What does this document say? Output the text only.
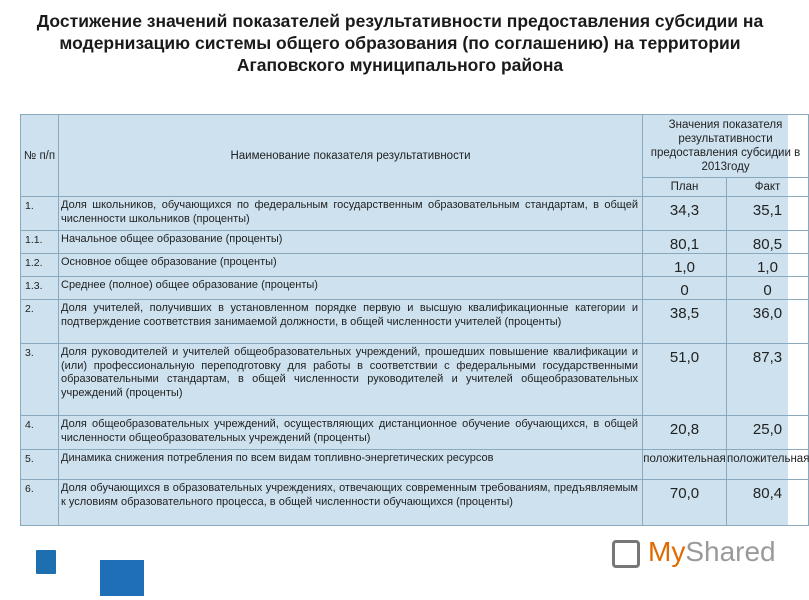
Достижение значений показателей результативности предоставления субсидии на модернизацию системы общего образования (по соглашению) на территории Агаповского муниципального района
№ п/п	Наименование показателя результативности	Значения показателя результативности предоставления субсидии в 2013году	
		План	Факт
1.	Доля школьников, обучающихся по федеральным государственным образовательным стандартам, в общей численности школьников (проценты)	34,3	35,1
1.1.	Начальное общее образование (проценты)	80,1	80,5
1.2.	Основное общее образование (проценты)	1,0	1,0
1.3.	Среднее (полное) общее образование (проценты)	0	0
2.	Доля учителей, получивших в установленном порядке первую и высшую квалификационные категории и подтверждение соответствия занимаемой должности, в общей численности учителей (проценты)	38,5	36,0
3.	Доля руководителей и учителей общеобразовательных учреждений, прошедших повышение квалификации и (или) профессиональную переподготовку для работы в соответствии с федеральными государственными образовательными стандартам, в общей численности руководителей и учителей общеобразовательных учреждений (проценты)	51,0	87,3
4.	Доля общеобразовательных учреждений, осуществляющих дистанционное обучение обучающихся, в общей численности общеобразовательных учреждений (проценты)	20,8	25,0
5.	Динамика снижения потребления по всем видам топливно-энергетических ресурсов	положительная	положительная
6.	Доля обучающихся в образовательных учреждениях, отвечающих современным требованиям, предъявляемым к условиям образовательного процесса, в общей численности обучающихся (проценты)	70,0	80,4
POWERLEXIS
MyShared
